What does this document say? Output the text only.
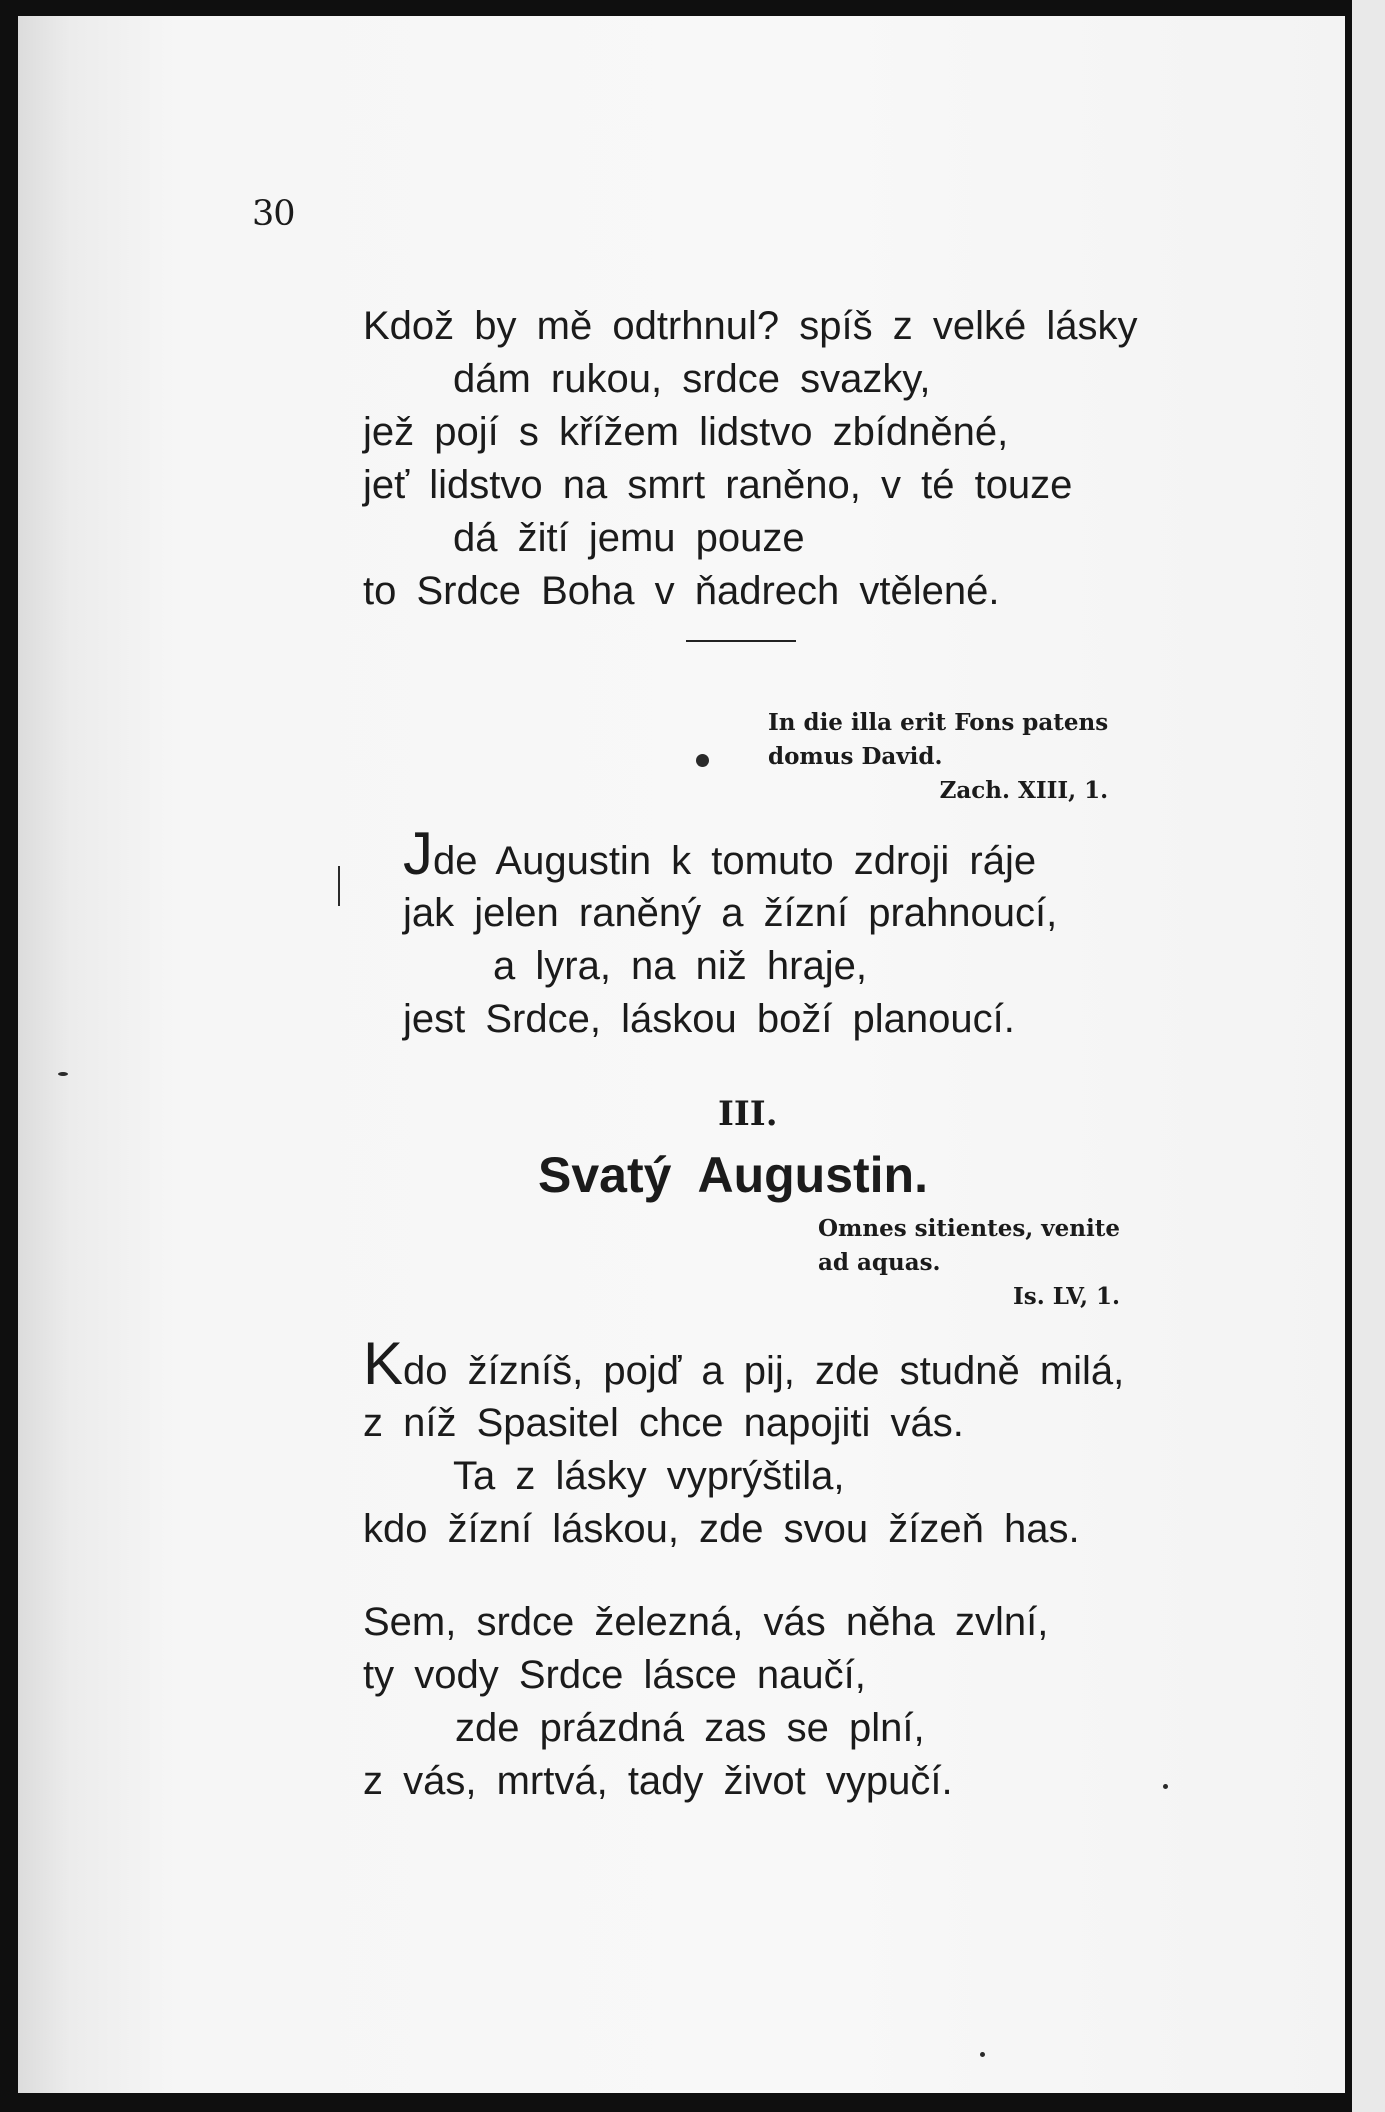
30
Kdož by mě odtrhnul? spíš z velké lásky
dám rukou, srdce svazky,
jež pojí s křížem lidstvo zbídněné,
jeť lidstvo na smrt raněno, v té touze
dá žití jemu pouze
to Srdce Boha v ňadrech vtělené.
In die illa erit Fons patens
domus David.
Zach. XIII, 1.
Jde Augustin k tomuto zdroji ráje
jak jelen raněný a žízní prahnoucí,
a lyra, na niž hraje,
jest Srdce, láskou boží planoucí.
III.
Svatý Augustin.
Omnes sitientes, venite
ad aquas.
Is. LV, 1.
Kdo žízníš, pojď a pij, zde studně milá,
z níž Spasitel chce napojiti vás.
Ta z lásky vyprýštila,
kdo žízní láskou, zde svou žízeň has.
Sem, srdce železná, vás něha zvlní,
ty vody Srdce lásce naučí,
zde prázdná zas se plní,
z vás, mrtvá, tady život vypučí.
